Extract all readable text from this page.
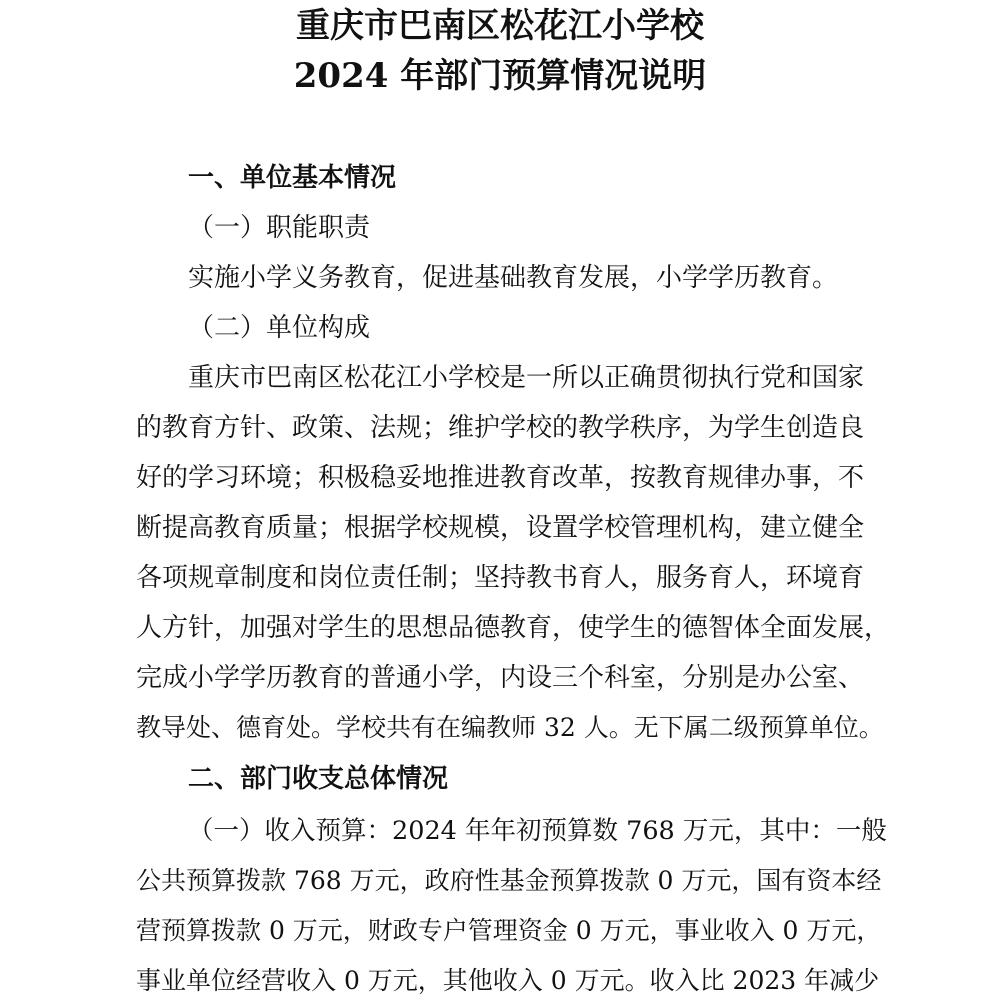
重庆市巴南区松花江小学校
2024 年部门预算情况说明
一、单位基本情况
（一）职能职责
实施小学义务教育，促进基础教育发展，小学学历教育。
（二）单位构成
重庆市巴南区松花江小学校是一所以正确贯彻执行党和国家
的教育方针、政策、法规；维护学校的教学秩序，为学生创造良
好的学习环境；积极稳妥地推进教育改革，按教育规律办事，不
断提高教育质量；根据学校规模，设置学校管理机构，建立健全
各项规章制度和岗位责任制；坚持教书育人，服务育人，环境育
人方针，加强对学生的思想品德教育，使学生的德智体全面发展，
完成小学学历教育的普通小学，内设三个科室，分别是办公室、
教导处、德育处。学校共有在编教师 32 人。无下属二级预算单位。
二、部门收支总体情况
（一）收入预算：2024 年年初预算数 768 万元，其中：一般
公共预算拨款 768 万元，政府性基金预算拨款 0 万元，国有资本经
营预算拨款 0 万元，财政专户管理资金 0 万元，事业收入 0 万元，
事业单位经营收入 0 万元，其他收入 0 万元。收入比 2023 年减少
